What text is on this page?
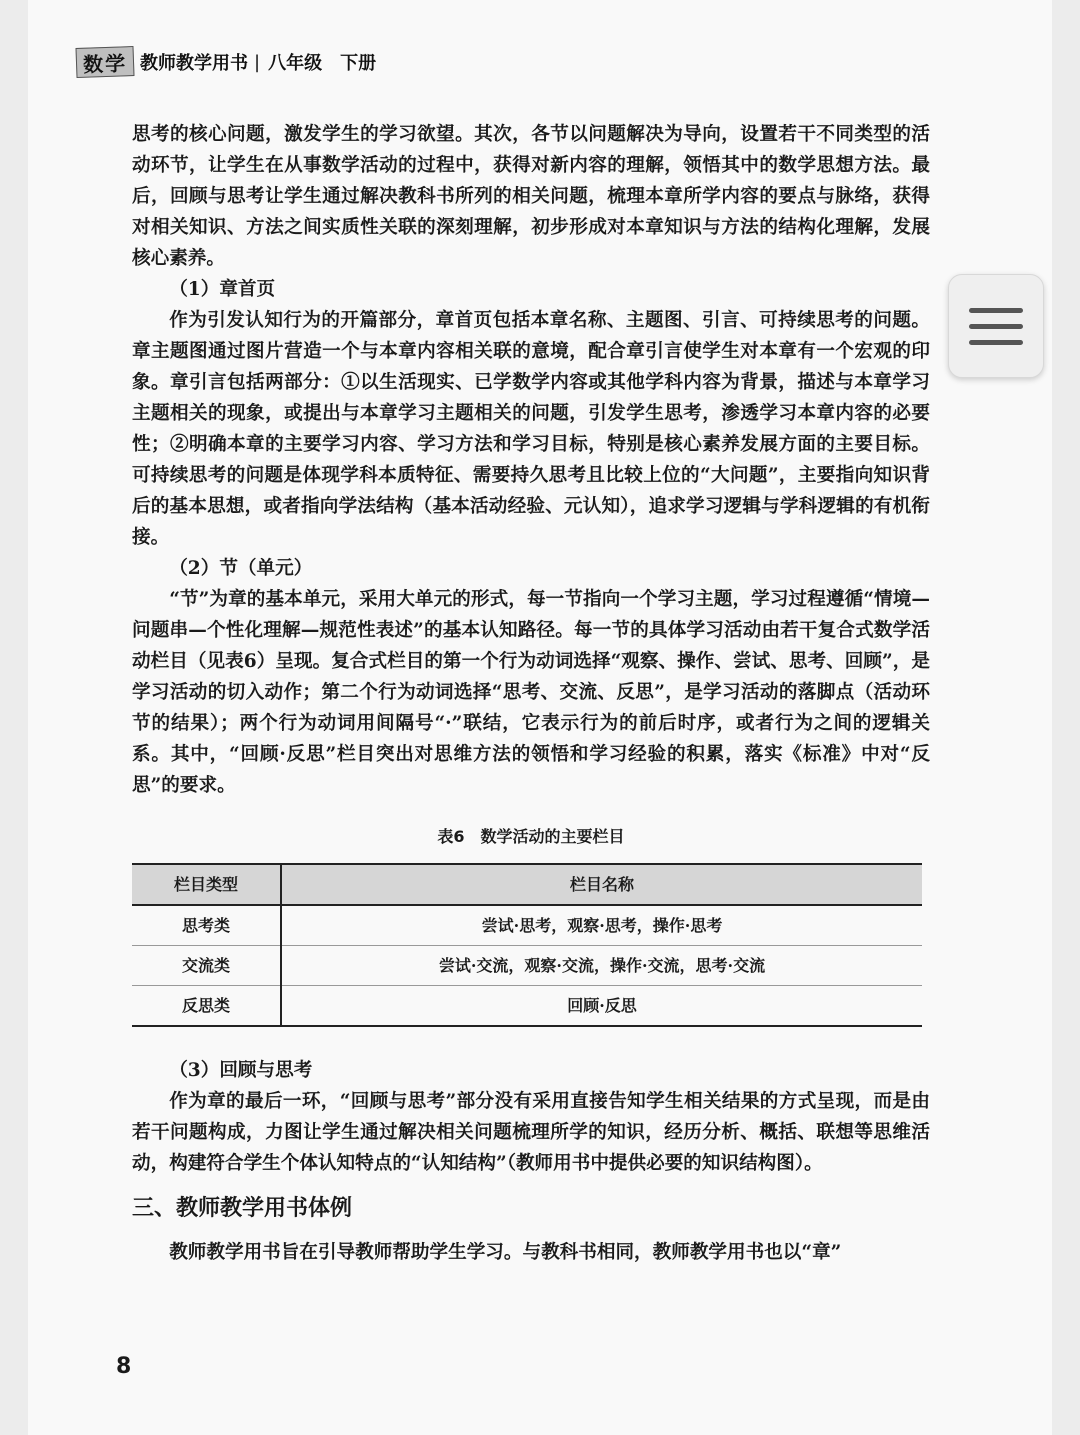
数学 教师教学用书 | 八年级 下册

思考的核心问题，激发学生的学习欲望。其次，各节以问题解决为导向，设置若干不同类型的活动环节，让学生在从事数学活动的过程中，获得对新内容的理解，领悟其中的数学思想方法。最后，回顾与思考让学生通过解决教科书所列的相关问题，梳理本章所学内容的要点与脉络，获得对相关知识、方法之间实质性关联的深刻理解，初步形成对本章知识与方法的结构化理解，发展核心素养。

（1）章首页

作为引发认知行为的开篇部分，章首页包括本章名称、主题图、引言、可持续思考的问题。章主题图通过图片营造一个与本章内容相关联的意境，配合章引言使学生对本章有一个宏观的印象。章引言包括两部分：①以生活现实、已学数学内容或其他学科内容为背景，描述与本章学习主题相关的现象，或提出与本章学习主题相关的问题，引发学生思考，渗透学习本章内容的必要性；②明确本章的主要学习内容、学习方法和学习目标，特别是核心素养发展方面的主要目标。可持续思考的问题是体现学科本质特征、需要持久思考且比较上位的“大问题”，主要指向知识背后的基本思想，或者指向学法结构（基本活动经验、元认知），追求学习逻辑与学科逻辑的有机衔接。

（2）节（单元）

“节”为章的基本单元，采用大单元的形式，每一节指向一个学习主题，学习过程遵循“情境—问题串—个性化理解—规范性表述”的基本认知路径。每一节的具体学习活动由若干复合式数学活动栏目（见表6）呈现。复合式栏目的第一个行为动词选择“观察、操作、尝试、思考、回顾”，是学习活动的切入动作；第二个行为动词选择“思考、交流、反思”，是学习活动的落脚点（活动环节的结果）；两个行为动词用间隔号“·”联结，它表示行为的前后时序，或者行为之间的逻辑关系。其中，“回顾·反思”栏目突出对思维方法的领悟和学习经验的积累，落实《标准》中对“反思”的要求。

表6　数学活动的主要栏目
栏目类型	栏目名称
思考类	尝试·思考，观察·思考，操作·思考
交流类	尝试·交流，观察·交流，操作·交流，思考·交流
反思类	回顾·反思
（3）回顾与思考

作为章的最后一环，“回顾与思考”部分没有采用直接告知学生相关结果的方式呈现，而是由若干问题构成，力图让学生通过解决相关问题梳理所学的知识，经历分析、概括、联想等思维活动，构建符合学生个体认知特点的“认知结构”（教师用书中提供必要的知识结构图）。

三、教师教学用书体例

教师教学用书旨在引导教师帮助学生学习。与教科书相同，教师教学用书也以“章”

8
